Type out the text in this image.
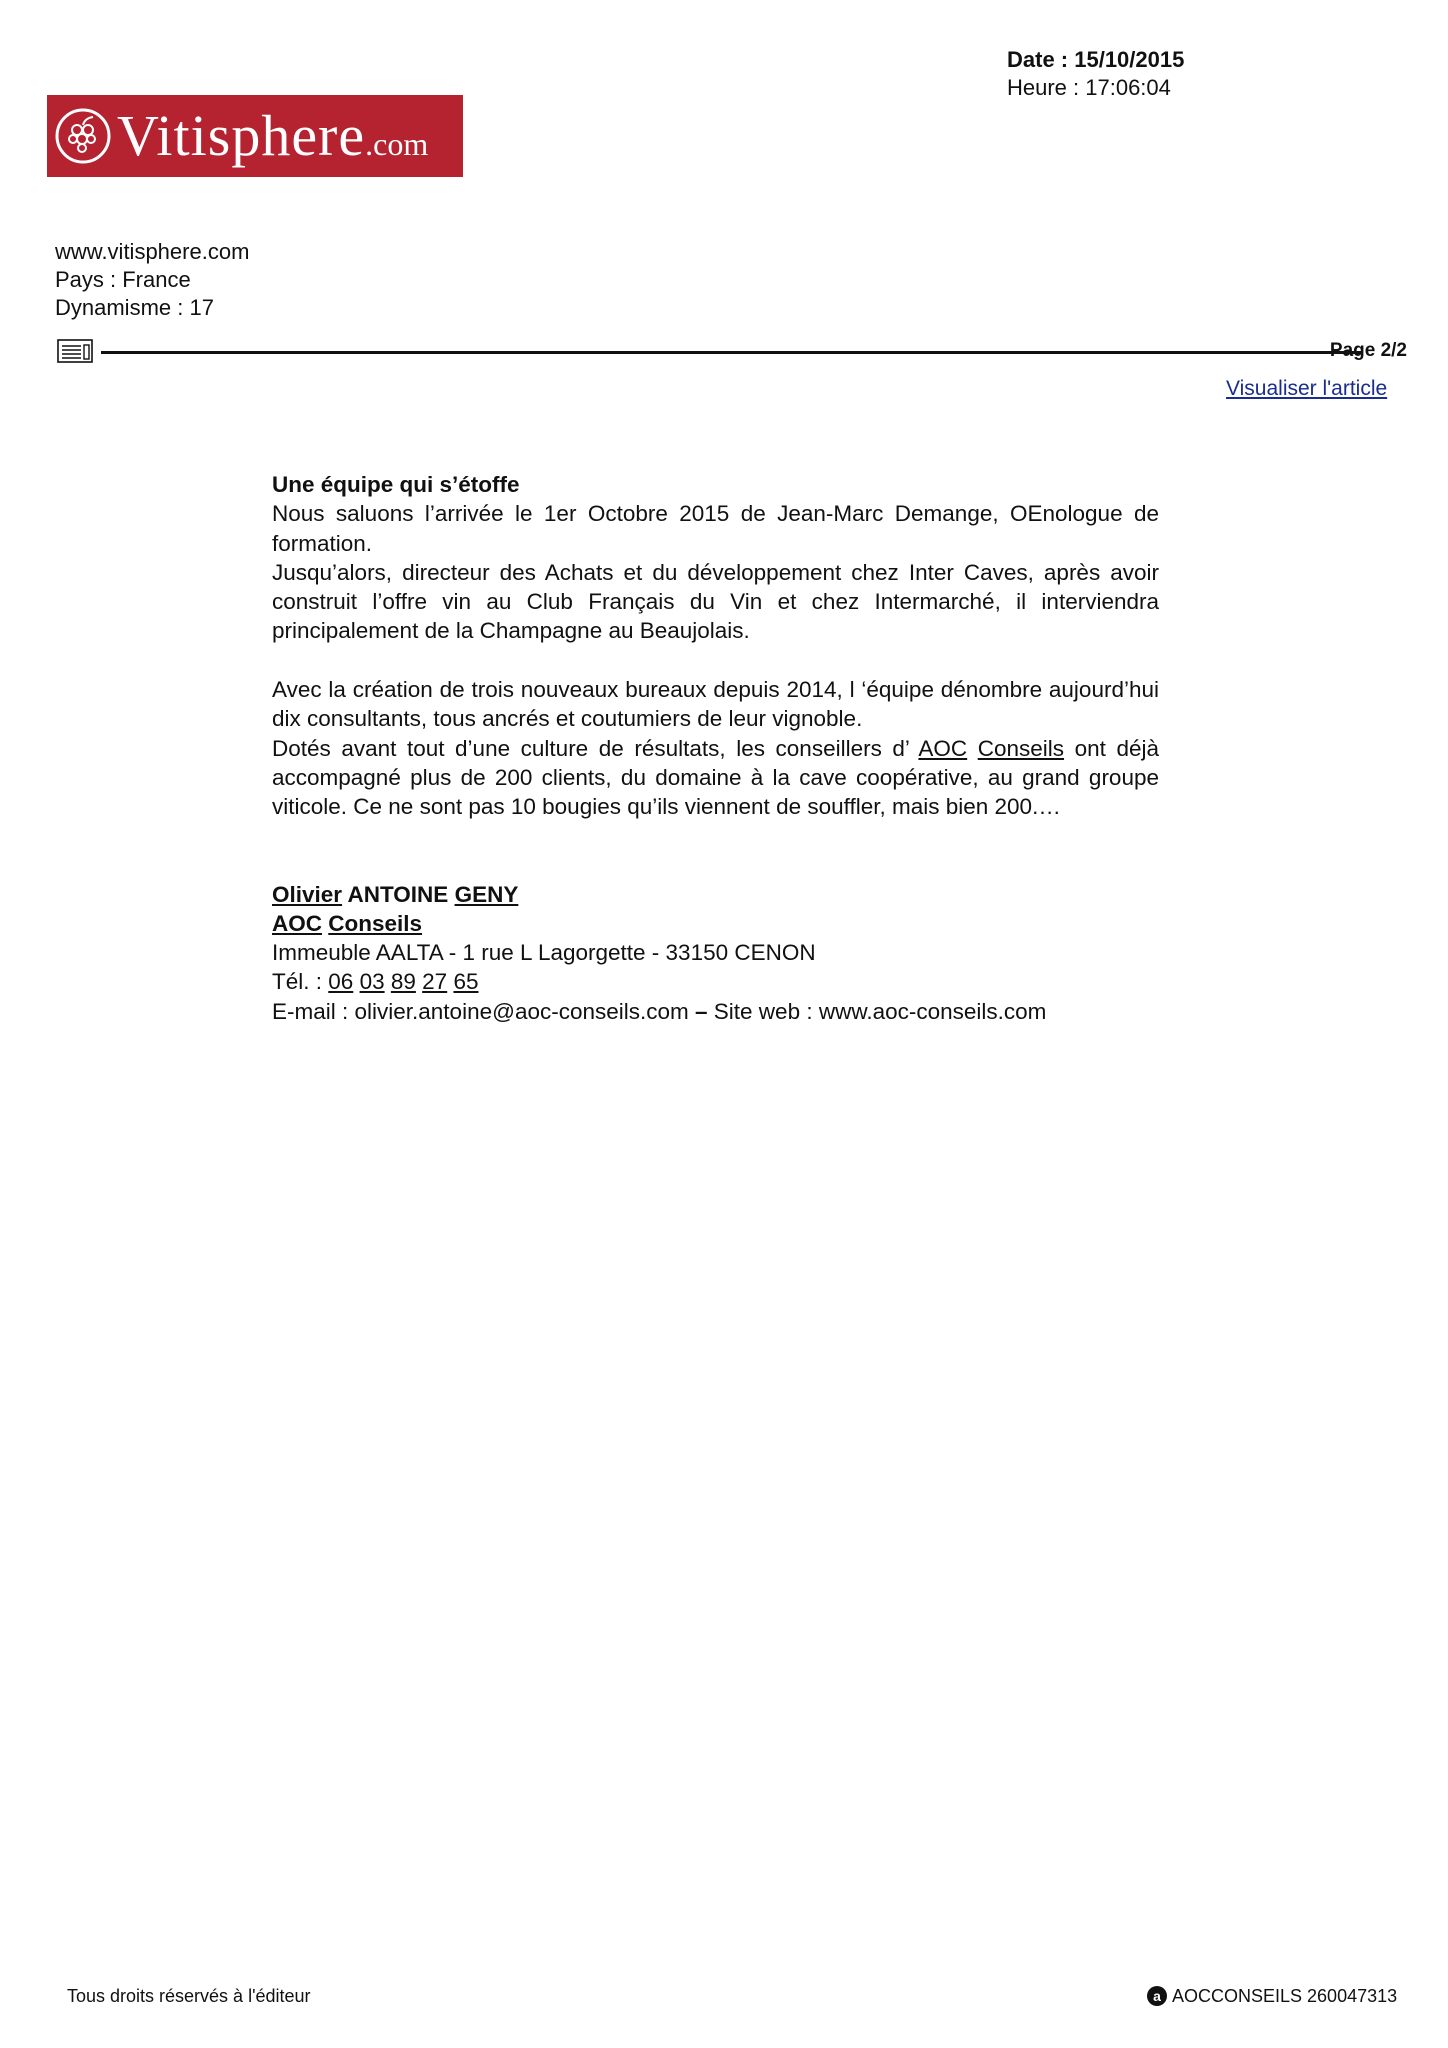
Date : 15/10/2015
Heure : 17:06:04
Vitisphere.com
www.vitisphere.com
Pays : France
Dynamisme : 17
Page 2/2
Visualiser l'article

Une équipe qui s’étoffe

Nous saluons l’arrivée le 1er Octobre 2015 de Jean-Marc Demange, OEnologue de formation.

Jusqu’alors, directeur des Achats et du développement chez Inter Caves, après avoir construit l’offre vin au Club Français du Vin et chez Intermarché, il interviendra principalement de la Champagne au Beaujolais.

Avec la création de trois nouveaux bureaux depuis 2014, l ‘équipe dénombre aujourd’hui dix consultants, tous ancrés et coutumiers de leur vignoble.

Dotés avant tout d’une culture de résultats, les conseillers d’ AOC Conseils ont déjà accompagné plus de 200 clients, du domaine à la cave coopérative, au grand groupe viticole. Ce ne sont pas 10 bougies qu’ils viennent de souffler, mais bien 200.…

Olivier ANTOINE GENY

AOC Conseils

Immeuble AALTA - 1 rue L Lagorgette - 33150 CENON

Tél. : 06 03 89 27 65

E-mail : olivier.antoine@aoc-conseils.com – Site web : www.aoc-conseils.com

Tous droits réservés à l'éditeur	a AOCCONSEILS 260047313
